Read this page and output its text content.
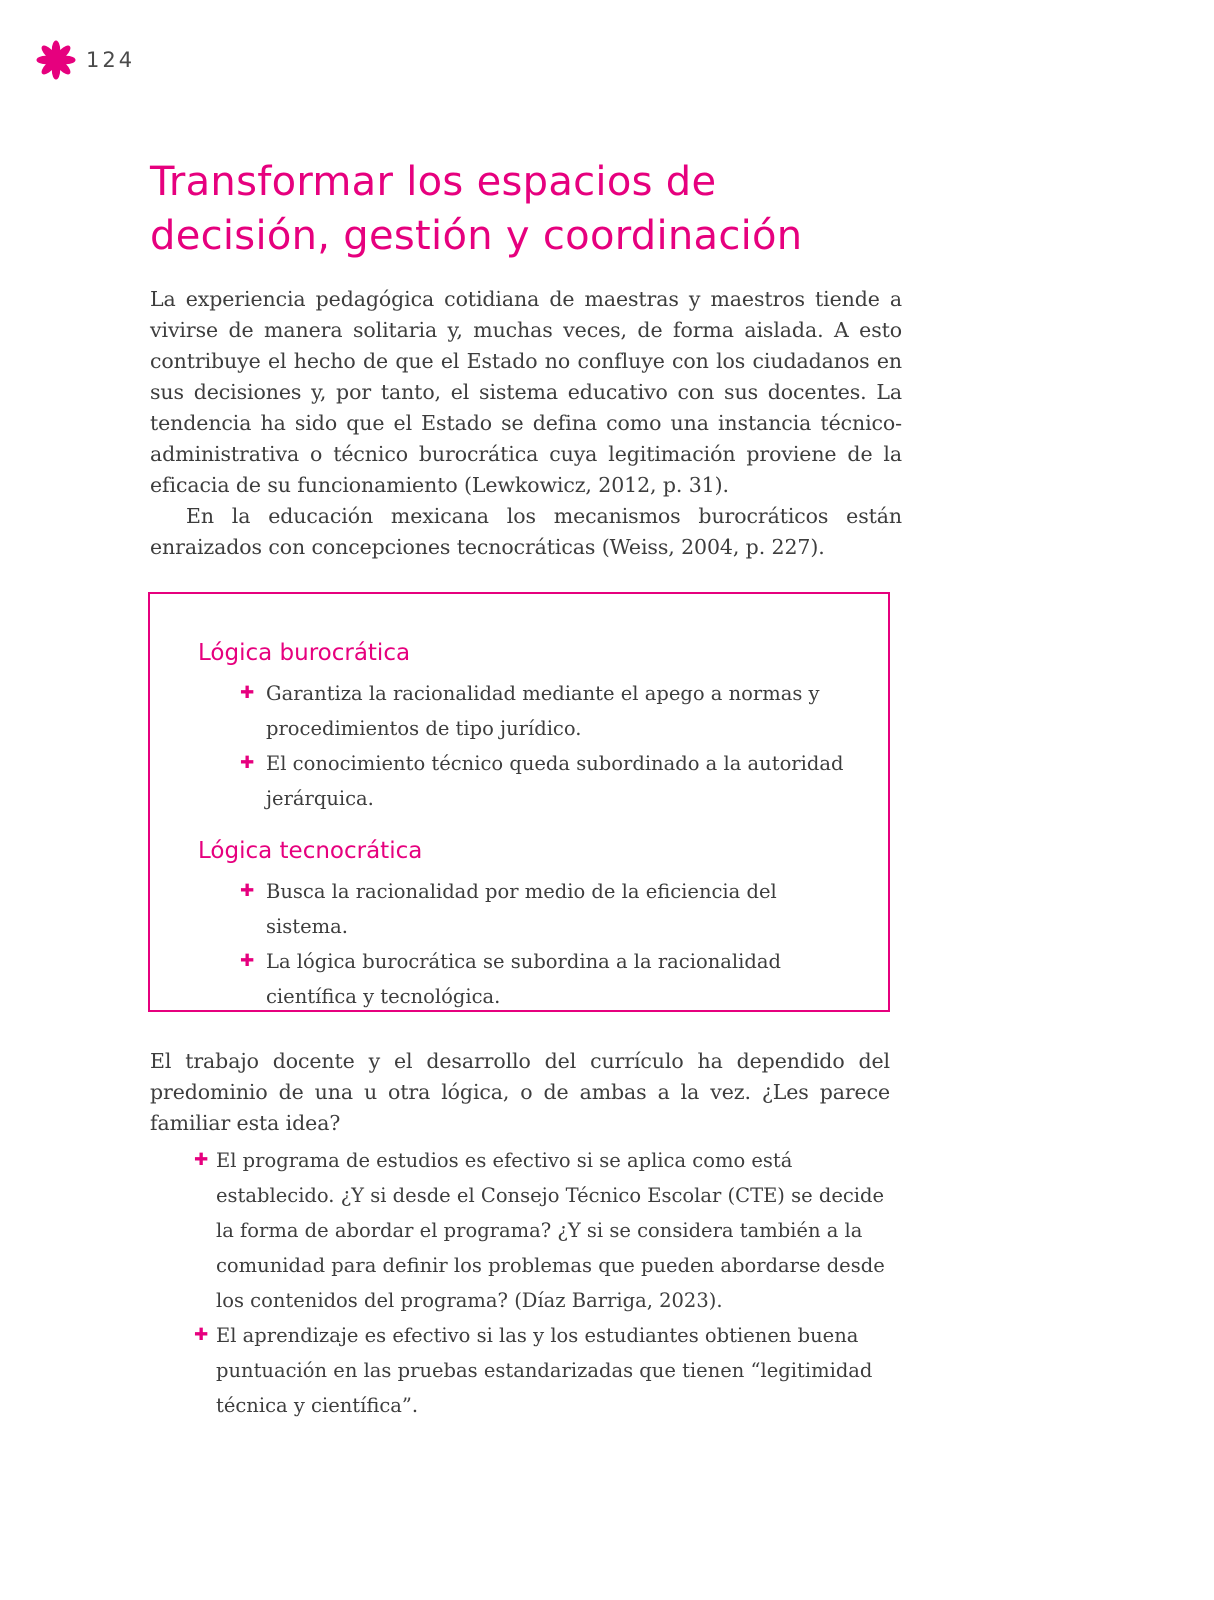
124
Transformar los espacios de
decisión, gestión y coordinación

La experiencia pedagógica cotidiana de maestras y maestros tiende a vivirse de manera solitaria y, muchas veces, de forma aislada. A esto contribuye el hecho de que el Estado no confluye con los ciudadanos en sus decisiones y, por tanto, el sistema educativo con sus docentes. La tendencia ha sido que el Estado se defina como una instancia técnico-administrativa o técnico burocrática cuya legitimación proviene de la eficacia de su funcionamiento (Lewkowicz, 2012, p. 31).

En la educación mexicana los mecanismos burocráticos están enraizados con concepciones tecnocráticas (Weiss, 2004, p. 227).

Lógica burocrática
✚ Garantiza la racionalidad mediante el apego a normas y procedimientos de tipo jurídico.
✚ El conocimiento técnico queda subordinado a la autoridad jerárquica.
Lógica tecnocrática
✚ Busca la racionalidad por medio de la eficiencia del sistema.
✚ La lógica burocrática se subordina a la racionalidad científica y tecnológica.

El trabajo docente y el desarrollo del currículo ha dependido del predominio de una u otra lógica, o de ambas a la vez. ¿Les parece familiar esta idea?

✚ El programa de estudios es efectivo si se aplica como está establecido. ¿Y si desde el Consejo Técnico Escolar (CTE) se decide la forma de abordar el programa? ¿Y si se considera también a la comunidad para definir los problemas que pueden abordarse desde los contenidos del programa? (Díaz Barriga, 2023).
✚ El aprendizaje es efectivo si las y los estudiantes obtienen buena puntuación en las pruebas estandarizadas que tienen “legitimidad técnica y científica”.
